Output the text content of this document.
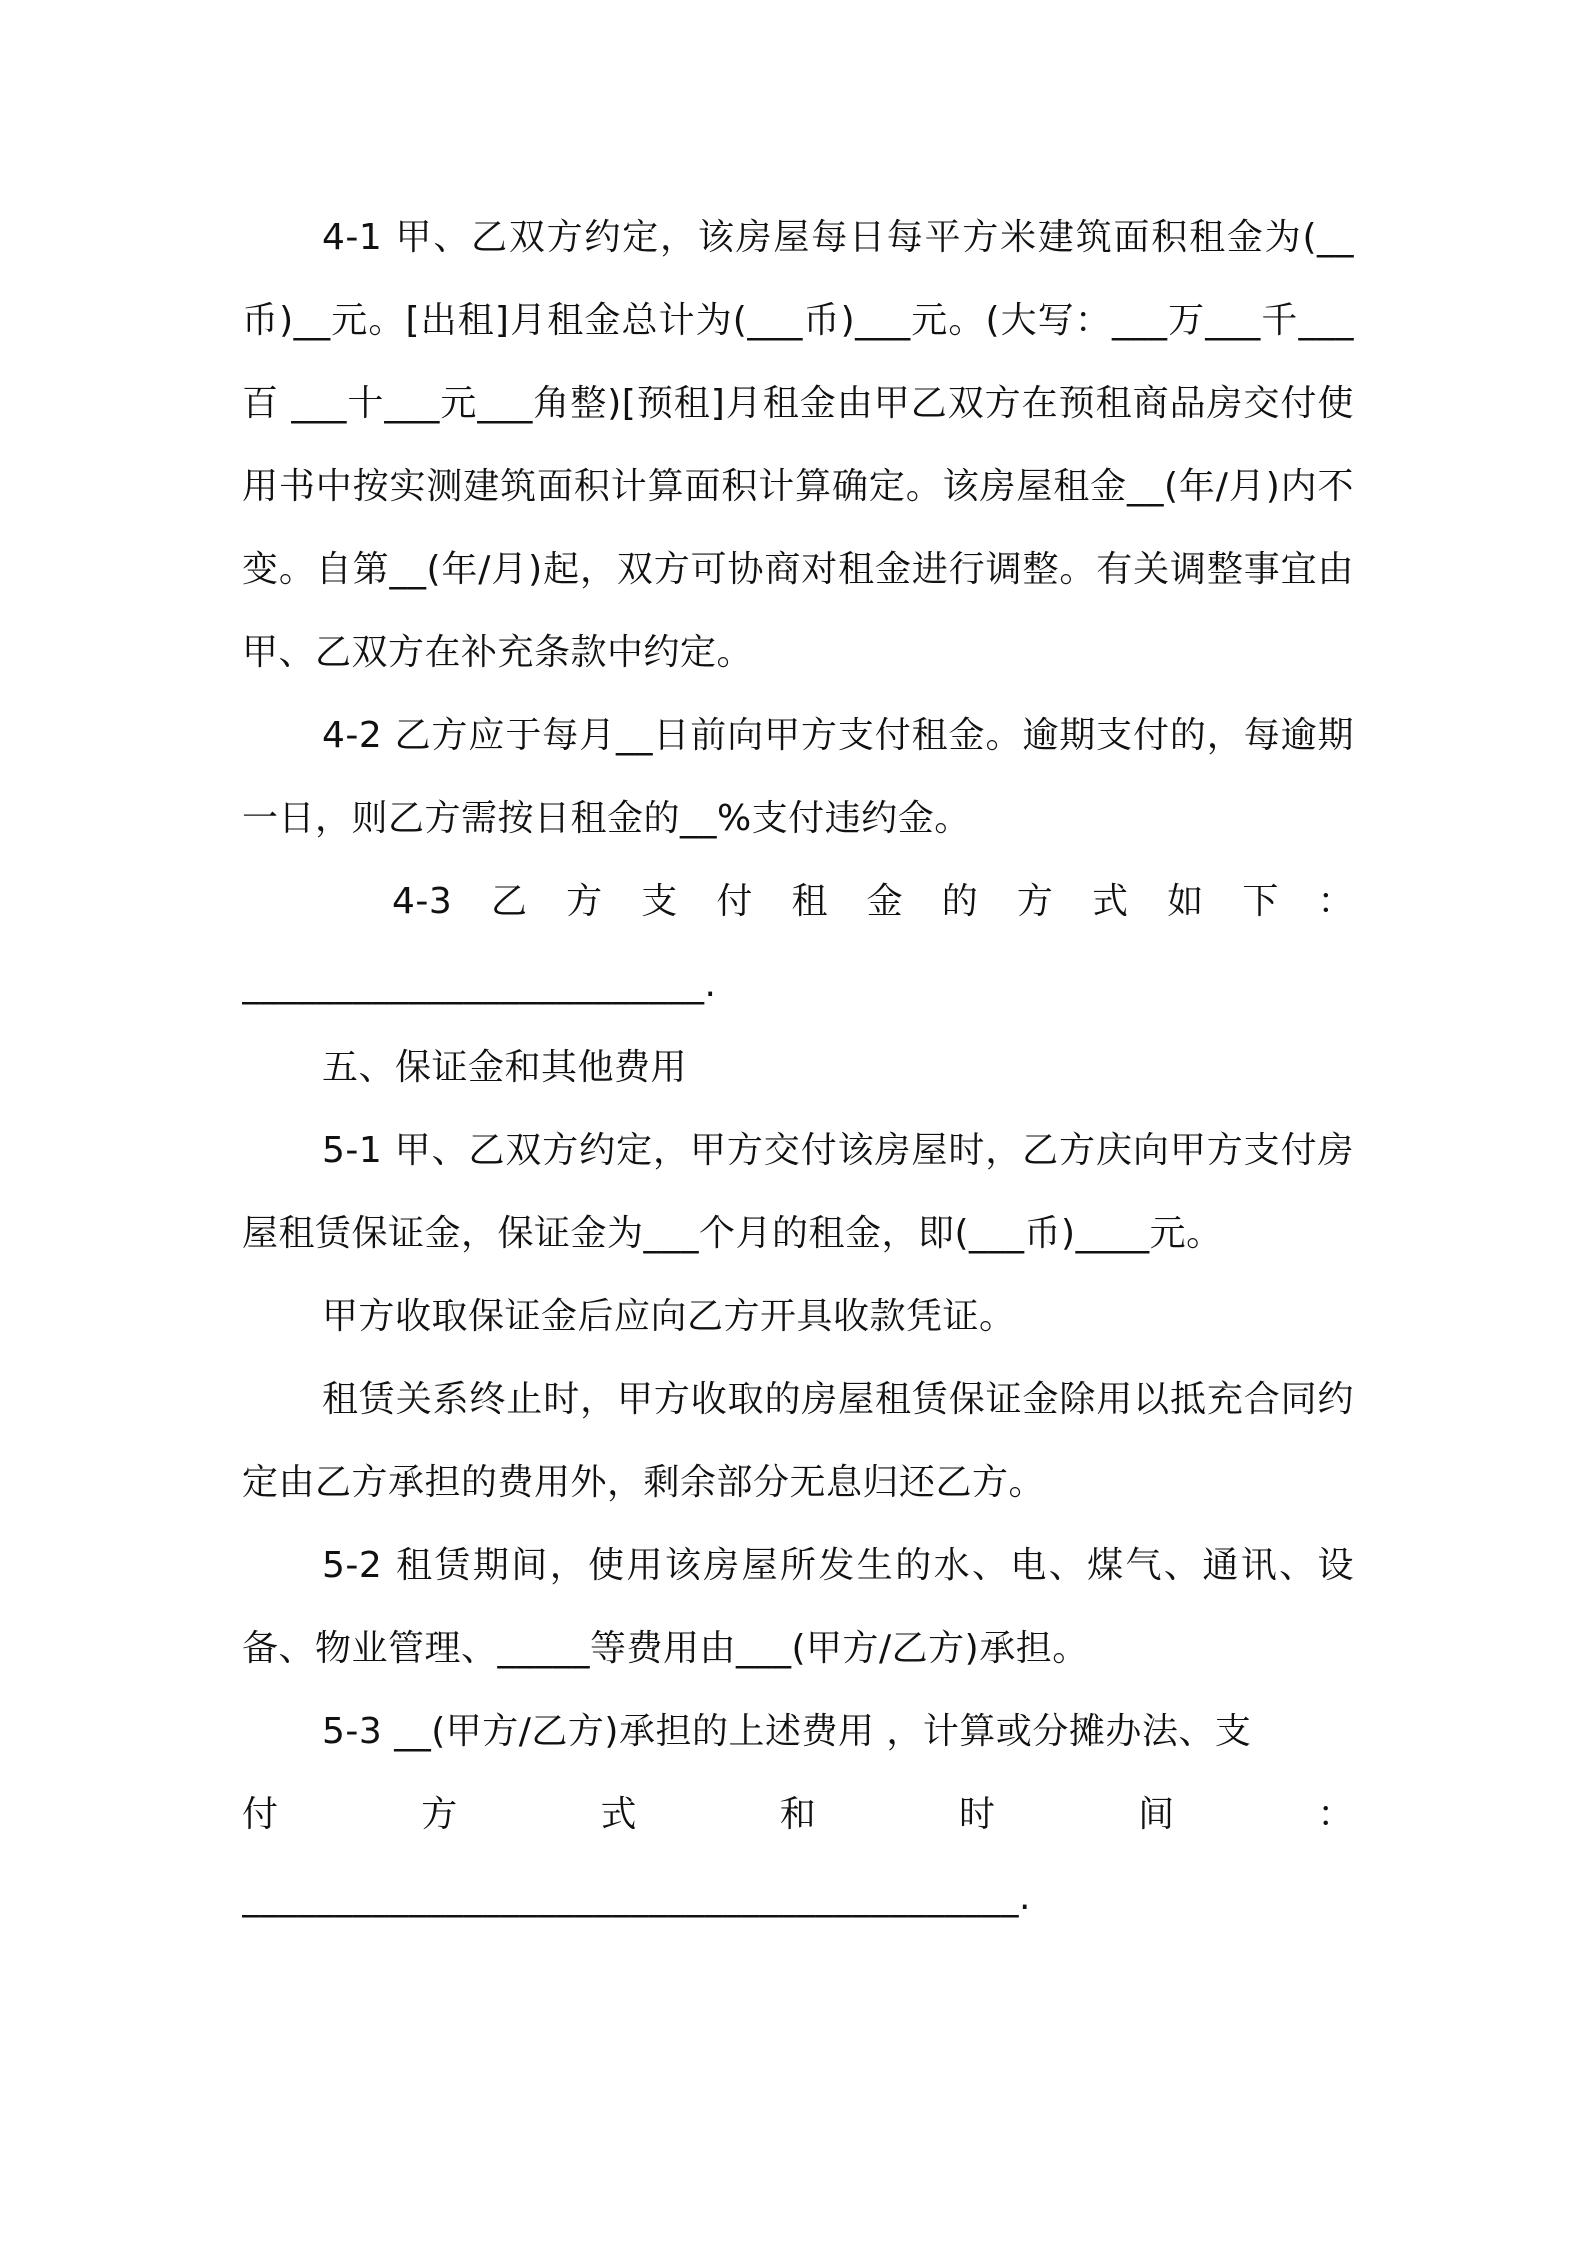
4-1 甲、乙双方约定，该房屋每日每平方米建筑面积租金为(__币)__元。[出租]月租金总计为(___币)___元。(大写：___万___千___百 ___十___元___角整)[预租]月租金由甲乙双方在预租商品房交付使用书中按实测建筑面积计算面积计算确定。该房屋租金__(年/月)内不变。自第__(年/月)起，双方可协商对租金进行调整。有关调整事宜由甲、乙双方在补充条款中约定。

4-2 乙方应于每月__日前向甲方支付租金。逾期支付的，每逾期一日，则乙方需按日租金的__%支付违约金。

4-3 乙 方 支 付 租 金 的 方 式 如 下 ：

_________________________.

五、保证金和其他费用

5-1 甲、乙双方约定，甲方交付该房屋时，乙方庆向甲方支付房屋租赁保证金，保证金为___个月的租金，即(___币)____元。

甲方收取保证金后应向乙方开具收款凭证。

租赁关系终止时，甲方收取的房屋租赁保证金除用以抵充合同约定由乙方承担的费用外，剩余部分无息归还乙方。

5-2 租赁期间，使用该房屋所发生的水、电、煤气、通讯、设备、物业管理、_____等费用由___(甲方/乙方)承担。

5-3 __(甲方/乙方)承担的上述费用 ，计算或分摊办法、支

付	方	式	和	时	间	：

__________________________________________.
